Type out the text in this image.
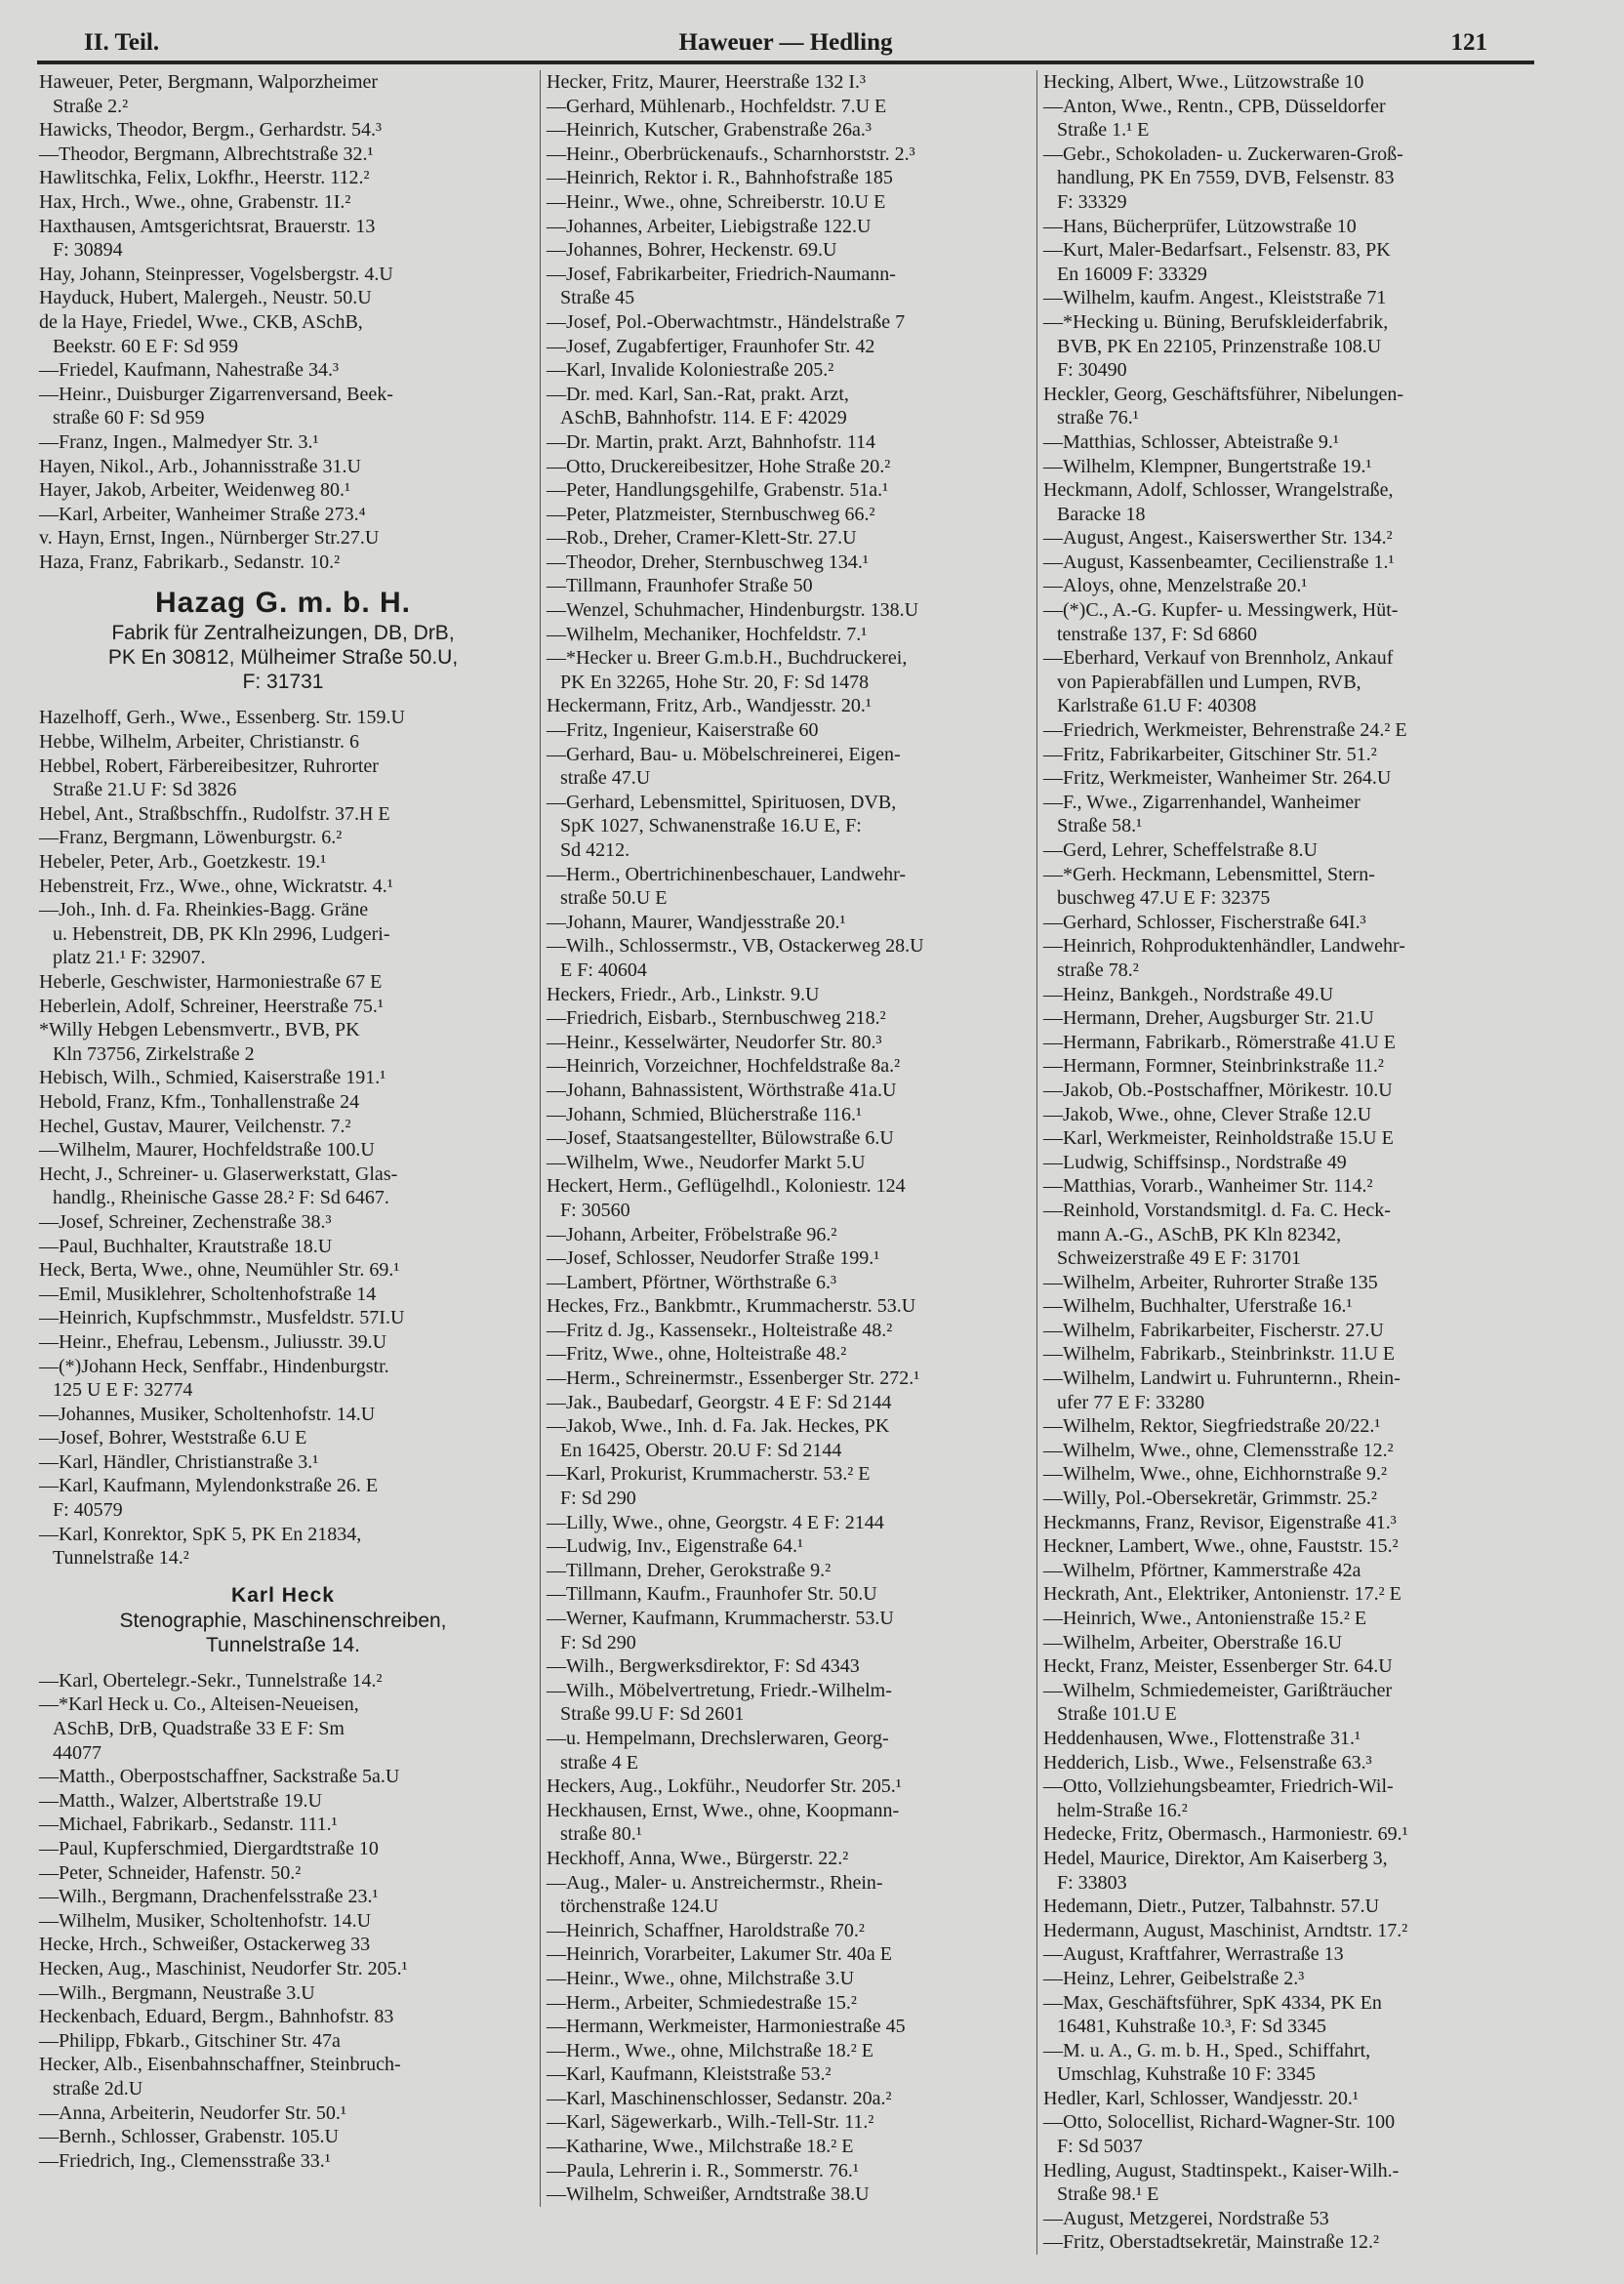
II. Teil.	Haweuer — Hedling	121
Haweuer, Peter, Bergmann, Walporzheimer
Straße 2.²
Hawicks, Theodor, Bergm., Gerhardstr. 54.³
—Theodor, Bergmann, Albrechtstraße 32.¹
Hawlitschka, Felix, Lokfhr., Heerstr. 112.²
Hax, Hrch., Wwe., ohne, Grabenstr. 1I.²
Haxthausen, Amtsgerichtsrat, Brauerstr. 13
F: 30894
Hay, Johann, Steinpresser, Vogelsbergstr. 4.U
Hayduck, Hubert, Malergeh., Neustr. 50.U
de la Haye, Friedel, Wwe., CKB, ASchB,
Beekstr. 60 E F: Sd 959
—Friedel, Kaufmann, Nahestraße 34.³
—Heinr., Duisburger Zigarrenversand, Beek-
straße 60 F: Sd 959
—Franz, Ingen., Malmedyer Str. 3.¹
Hayen, Nikol., Arb., Johannisstraße 31.U
Hayer, Jakob, Arbeiter, Weidenweg 80.¹
—Karl, Arbeiter, Wanheimer Straße 273.⁴
v. Hayn, Ernst, Ingen., Nürnberger Str.27.U
Haza, Franz, Fabrikarb., Sedanstr. 10.²
Hazag G. m. b. H.
Fabrik für Zentralheizungen, DB, DrB,
PK En 30812, Mülheimer Straße 50.U,
F: 31731
Hazelhoff, Gerh., Wwe., Essenberg. Str. 159.U
Hebbe, Wilhelm, Arbeiter, Christianstr. 6
Hebbel, Robert, Färbereibesitzer, Ruhrorter
Straße 21.U F: Sd 3826
Hebel, Ant., Straßbschffn., Rudolfstr. 37.H E
—Franz, Bergmann, Löwenburgstr. 6.²
Hebeler, Peter, Arb., Goetzkestr. 19.¹
Hebenstreit, Frz., Wwe., ohne, Wickratstr. 4.¹
—Joh., Inh. d. Fa. Rheinkies-Bagg. Gräne
u. Hebenstreit, DB, PK Kln 2996, Ludgeri-
platz 21.¹ F: 32907.
Heberle, Geschwister, Harmoniestraße 67 E
Heberlein, Adolf, Schreiner, Heerstraße 75.¹
*Willy Hebgen Lebensmvertr., BVB, PK
Kln 73756, Zirkelstraße 2
Hebisch, Wilh., Schmied, Kaiserstraße 191.¹
Hebold, Franz, Kfm., Tonhallenstraße 24
Hechel, Gustav, Maurer, Veilchenstr. 7.²
—Wilhelm, Maurer, Hochfeldstraße 100.U
Hecht, J., Schreiner- u. Glaserwerkstatt, Glas-
handlg., Rheinische Gasse 28.² F: Sd 6467.
—Josef, Schreiner, Zechenstraße 38.³
—Paul, Buchhalter, Krautstraße 18.U
Heck, Berta, Wwe., ohne, Neumühler Str. 69.¹
—Emil, Musiklehrer, Scholtenhofstraße 14
—Heinrich, Kupfschmmstr., Musfeldstr. 57I.U
—Heinr., Ehefrau, Lebensm., Juliusstr. 39.U
—(*)Johann Heck, Senffabr., Hindenburgstr.
125 U E F: 32774
—Johannes, Musiker, Scholtenhofstr. 14.U
—Josef, Bohrer, Weststraße 6.U E
—Karl, Händler, Christianstraße 3.¹
—Karl, Kaufmann, Mylendonkstraße 26. E
F: 40579
—Karl, Konrektor, SpK 5, PK En 21834,
Tunnelstraße 14.²
Karl Heck
Stenographie, Maschinenschreiben,
Tunnelstraße 14.
—Karl, Obertelegr.-Sekr., Tunnelstraße 14.²
—*Karl Heck u. Co., Alteisen-Neueisen,
ASchB, DrB, Quadstraße 33 E F: Sm
44077
—Matth., Oberpostschaffner, Sackstraße 5a.U
—Matth., Walzer, Albertstraße 19.U
—Michael, Fabrikarb., Sedanstr. 111.¹
—Paul, Kupferschmied, Diergardtstraße 10
—Peter, Schneider, Hafenstr. 50.²
—Wilh., Bergmann, Drachenfelsstraße 23.¹
—Wilhelm, Musiker, Scholtenhofstr. 14.U
Hecke, Hrch., Schweißer, Ostackerweg 33
Hecken, Aug., Maschinist, Neudorfer Str. 205.¹
—Wilh., Bergmann, Neustraße 3.U
Heckenbach, Eduard, Bergm., Bahnhofstr. 83
—Philipp, Fbkarb., Gitschiner Str. 47a
Hecker, Alb., Eisenbahnschaffner, Steinbruch-
straße 2d.U
—Anna, Arbeiterin, Neudorfer Str. 50.¹
—Bernh., Schlosser, Grabenstr. 105.U
—Friedrich, Ing., Clemensstraße 33.¹
Hecker, Fritz, Maurer, Heerstraße 132 I.³
—Gerhard, Mühlenarb., Hochfeldstr. 7.U E
—Heinrich, Kutscher, Grabenstraße 26a.³
—Heinr., Oberbrückenaufs., Scharnhorststr. 2.³
—Heinrich, Rektor i. R., Bahnhofstraße 185
—Heinr., Wwe., ohne, Schreiberstr. 10.U E
—Johannes, Arbeiter, Liebigstraße 122.U
—Johannes, Bohrer, Heckenstr. 69.U
—Josef, Fabrikarbeiter, Friedrich-Naumann-
Straße 45
—Josef, Pol.-Oberwachtmstr., Händelstraße 7
—Josef, Zugabfertiger, Fraunhofer Str. 42
—Karl, Invalide Koloniestraße 205.²
—Dr. med. Karl, San.-Rat, prakt. Arzt,
ASchB, Bahnhofstr. 114. E F: 42029
—Dr. Martin, prakt. Arzt, Bahnhofstr. 114
—Otto, Druckereibesitzer, Hohe Straße 20.²
—Peter, Handlungsgehilfe, Grabenstr. 51a.¹
—Peter, Platzmeister, Sternbuschweg 66.²
—Rob., Dreher, Cramer-Klett-Str. 27.U
—Theodor, Dreher, Sternbuschweg 134.¹
—Tillmann, Fraunhofer Straße 50
—Wenzel, Schuhmacher, Hindenburgstr. 138.U
—Wilhelm, Mechaniker, Hochfeldstr. 7.¹
—*Hecker u. Breer G.m.b.H., Buchdruckerei,
PK En 32265, Hohe Str. 20, F: Sd 1478
Heckermann, Fritz, Arb., Wandjesstr. 20.¹
—Fritz, Ingenieur, Kaiserstraße 60
—Gerhard, Bau- u. Möbelschreinerei, Eigen-
straße 47.U
—Gerhard, Lebensmittel, Spirituosen, DVB,
SpK 1027, Schwanenstraße 16.U E, F:
Sd 4212.
—Herm., Obertrichinenbeschauer, Landwehr-
straße 50.U E
—Johann, Maurer, Wandjesstraße 20.¹
—Wilh., Schlossermstr., VB, Ostackerweg 28.U
E F: 40604
Heckers, Friedr., Arb., Linkstr. 9.U
—Friedrich, Eisbarb., Sternbuschweg 218.²
—Heinr., Kesselwärter, Neudorfer Str. 80.³
—Heinrich, Vorzeichner, Hochfeldstraße 8a.²
—Johann, Bahnassistent, Wörthstraße 41a.U
—Johann, Schmied, Blücherstraße 116.¹
—Josef, Staatsangestellter, Bülowstraße 6.U
—Wilhelm, Wwe., Neudorfer Markt 5.U
Heckert, Herm., Geflügelhdl., Koloniestr. 124
F: 30560
—Johann, Arbeiter, Fröbelstraße 96.²
—Josef, Schlosser, Neudorfer Straße 199.¹
—Lambert, Pförtner, Wörthstraße 6.³
Heckes, Frz., Bankbmtr., Krummacherstr. 53.U
—Fritz d. Jg., Kassensekr., Holteistraße 48.²
—Fritz, Wwe., ohne, Holteistraße 48.²
—Herm., Schreinermstr., Essenberger Str. 272.¹
—Jak., Baubedarf, Georgstr. 4 E F: Sd 2144
—Jakob, Wwe., Inh. d. Fa. Jak. Heckes, PK
En 16425, Oberstr. 20.U F: Sd 2144
—Karl, Prokurist, Krummacherstr. 53.² E
F: Sd 290
—Lilly, Wwe., ohne, Georgstr. 4 E F: 2144
—Ludwig, Inv., Eigenstraße 64.¹
—Tillmann, Dreher, Gerokstraße 9.²
—Tillmann, Kaufm., Fraunhofer Str. 50.U
—Werner, Kaufmann, Krummacherstr. 53.U
F: Sd 290
—Wilh., Bergwerksdirektor, F: Sd 4343
—Wilh., Möbelvertretung, Friedr.-Wilhelm-
Straße 99.U F: Sd 2601
—u. Hempelmann, Drechslerwaren, Georg-
straße 4 E
Heckers, Aug., Lokführ., Neudorfer Str. 205.¹
Heckhausen, Ernst, Wwe., ohne, Koopmann-
straße 80.¹
Heckhoff, Anna, Wwe., Bürgerstr. 22.²
—Aug., Maler- u. Anstreichermstr., Rhein-
törchenstraße 124.U
—Heinrich, Schaffner, Haroldstraße 70.²
—Heinrich, Vorarbeiter, Lakumer Str. 40a E
—Heinr., Wwe., ohne, Milchstraße 3.U
—Herm., Arbeiter, Schmiedestraße 15.²
—Hermann, Werkmeister, Harmoniestraße 45
—Herm., Wwe., ohne, Milchstraße 18.² E
—Karl, Kaufmann, Kleiststraße 53.²
—Karl, Maschinenschlosser, Sedanstr. 20a.²
—Karl, Sägewerkarb., Wilh.-Tell-Str. 11.²
—Katharine, Wwe., Milchstraße 18.² E
—Paula, Lehrerin i. R., Sommerstr. 76.¹
—Wilhelm, Schweißer, Arndtstraße 38.U
Hecking, Albert, Wwe., Lützowstraße 10
—Anton, Wwe., Rentn., CPB, Düsseldorfer
Straße 1.¹ E
—Gebr., Schokoladen- u. Zuckerwaren-Groß-
handlung, PK En 7559, DVB, Felsenstr. 83
F: 33329
—Hans, Bücherprüfer, Lützowstraße 10
—Kurt, Maler-Bedarfsart., Felsenstr. 83, PK
En 16009 F: 33329
—Wilhelm, kaufm. Angest., Kleiststraße 71
—*Hecking u. Büning, Berufskleiderfabrik,
BVB, PK En 22105, Prinzenstraße 108.U
F: 30490
Heckler, Georg, Geschäftsführer, Nibelungen-
straße 76.¹
—Matthias, Schlosser, Abteistraße 9.¹
—Wilhelm, Klempner, Bungertstraße 19.¹
Heckmann, Adolf, Schlosser, Wrangelstraße,
Baracke 18
—August, Angest., Kaiserswerther Str. 134.²
—August, Kassenbeamter, Cecilienstraße 1.¹
—Aloys, ohne, Menzelstraße 20.¹
—(*)C., A.-G. Kupfer- u. Messingwerk, Hüt-
tenstraße 137, F: Sd 6860
—Eberhard, Verkauf von Brennholz, Ankauf
von Papierabfällen und Lumpen, RVB,
Karlstraße 61.U F: 40308
—Friedrich, Werkmeister, Behrenstraße 24.² E
—Fritz, Fabrikarbeiter, Gitschiner Str. 51.²
—Fritz, Werkmeister, Wanheimer Str. 264.U
—F., Wwe., Zigarrenhandel, Wanheimer
Straße 58.¹
—Gerd, Lehrer, Scheffelstraße 8.U
—*Gerh. Heckmann, Lebensmittel, Stern-
buschweg 47.U E F: 32375
—Gerhard, Schlosser, Fischerstraße 64I.³
—Heinrich, Rohproduktenhändler, Landwehr-
straße 78.²
—Heinz, Bankgeh., Nordstraße 49.U
—Hermann, Dreher, Augsburger Str. 21.U
—Hermann, Fabrikarb., Römerstraße 41.U E
—Hermann, Formner, Steinbrinkstraße 11.²
—Jakob, Ob.-Postschaffner, Mörikestr. 10.U
—Jakob, Wwe., ohne, Clever Straße 12.U
—Karl, Werkmeister, Reinholdstraße 15.U E
—Ludwig, Schiffsinsp., Nordstraße 49
—Matthias, Vorarb., Wanheimer Str. 114.²
—Reinhold, Vorstandsmitgl. d. Fa. C. Heck-
mann A.-G., ASchB, PK Kln 82342,
Schweizerstraße 49 E F: 31701
—Wilhelm, Arbeiter, Ruhrorter Straße 135
—Wilhelm, Buchhalter, Uferstraße 16.¹
—Wilhelm, Fabrikarbeiter, Fischerstr. 27.U
—Wilhelm, Fabrikarb., Steinbrinkstr. 11.U E
—Wilhelm, Landwirt u. Fuhrunternn., Rhein-
ufer 77 E F: 33280
—Wilhelm, Rektor, Siegfriedstraße 20/22.¹
—Wilhelm, Wwe., ohne, Clemensstraße 12.²
—Wilhelm, Wwe., ohne, Eichhornstraße 9.²
—Willy, Pol.-Obersekretär, Grimmstr. 25.²
Heckmanns, Franz, Revisor, Eigenstraße 41.³
Heckner, Lambert, Wwe., ohne, Fauststr. 15.²
—Wilhelm, Pförtner, Kammerstraße 42a
Heckrath, Ant., Elektriker, Antonienstr. 17.² E
—Heinrich, Wwe., Antonienstraße 15.² E
—Wilhelm, Arbeiter, Oberstraße 16.U
Heckt, Franz, Meister, Essenberger Str. 64.U
—Wilhelm, Schmiedemeister, Garißträucher
Straße 101.U E
Heddenhausen, Wwe., Flottenstraße 31.¹
Hedderich, Lisb., Wwe., Felsenstraße 63.³
—Otto, Vollziehungsbeamter, Friedrich-Wil-
helm-Straße 16.²
Hedecke, Fritz, Obermasch., Harmoniestr. 69.¹
Hedel, Maurice, Direktor, Am Kaiserberg 3,
F: 33803
Hedemann, Dietr., Putzer, Talbahnstr. 57.U
Hedermann, August, Maschinist, Arndtstr. 17.²
—August, Kraftfahrer, Werrastraße 13
—Heinz, Lehrer, Geibelstraße 2.³
—Max, Geschäftsführer, SpK 4334, PK En
16481, Kuhstraße 10.³, F: Sd 3345
—M. u. A., G. m. b. H., Sped., Schiffahrt,
Umschlag, Kuhstraße 10 F: 3345
Hedler, Karl, Schlosser, Wandjesstr. 20.¹
—Otto, Solocellist, Richard-Wagner-Str. 100
F: Sd 5037
Hedling, August, Stadtinspekt., Kaiser-Wilh.-
Straße 98.¹ E
—August, Metzgerei, Nordstraße 53
—Fritz, Oberstadtsekretär, Mainstraße 12.²
